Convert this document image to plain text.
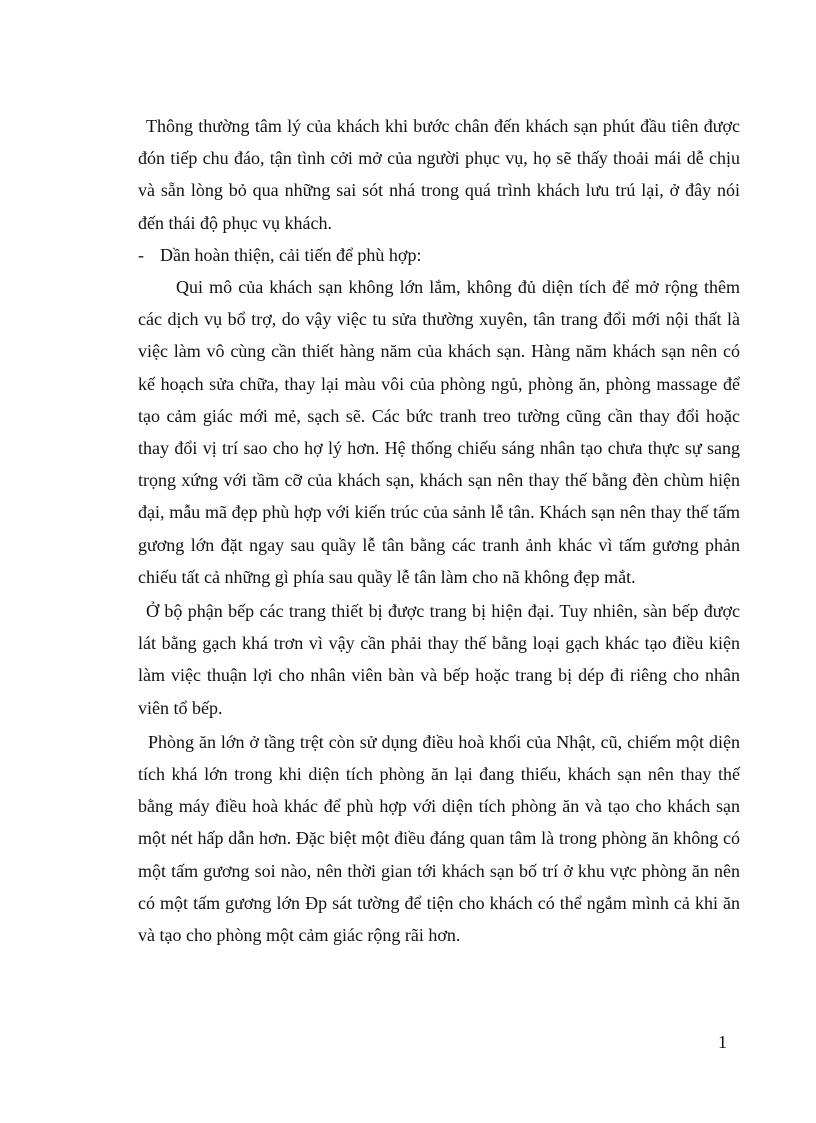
Thông thường tâm lý của khách khi bước chân đến khách sạn phút đầu tiên được đón tiếp chu đáo, tận tình cởi mở của người phục vụ, họ sẽ thấy thoải mái dễ chịu và sẵn lòng bỏ qua những sai sót nhá trong quá trình khách lưu trú lại, ở đây nói đến thái độ phục vụ khách.

- Dần hoàn thiện, cải tiến để phù hợp:

Qui mô của khách sạn không lớn lắm, không đủ diện tích để mở rộng thêm các dịch vụ bổ trợ, do vậy việc tu sửa thường xuyên, tân trang đổi mới nội thất là việc làm vô cùng cần thiết hàng năm của khách sạn. Hàng năm khách sạn nên có kế hoạch sửa chữa, thay lại màu vôi của phòng ngủ, phòng ăn, phòng massage để tạo cảm giác mới mẻ, sạch sẽ. Các bức tranh treo tường cũng cần thay đổi hoặc thay đổi vị trí sao cho hợ lý hơn. Hệ thống chiếu sáng nhân tạo chưa thực sự sang trọng xứng với tầm cỡ của khách sạn, khách sạn nên thay thế bằng đèn chùm hiện đại, mẫu mã đẹp phù hợp với kiến trúc của sảnh lễ tân. Khách sạn nên thay thế tấm gương lớn đặt ngay sau quầy lễ tân bằng các tranh ảnh khác vì tấm gương phản chiếu tất cả những gì phía sau quầy lễ tân làm cho nã không đẹp mắt.

Ở bộ phận bếp các trang thiết bị được trang bị hiện đại. Tuy nhiên, sàn bếp được lát bằng gạch khá trơn vì vậy cần phải thay thế bằng loại gạch khác tạo điều kiện làm việc thuận lợi cho nhân viên bàn và bếp hoặc trang bị dép đi riêng cho nhân viên tổ bếp.

Phòng ăn lớn ở tầng trệt còn sử dụng điều hoà khối của Nhật, cũ, chiếm một diện tích khá lớn trong khi diện tích phòng ăn lại đang thiếu, khách sạn nên thay thế bằng máy điều hoà khác để phù hợp với diện tích phòng ăn và tạo cho khách sạn một nét hấp dẫn hơn. Đặc biệt một điều đáng quan tâm là trong phòng ăn không có một tấm gương soi nào, nên thời gian tới khách sạn bố trí ở khu vực phòng ăn nên có một tấm gương lớn Đp sát tường để tiện cho khách có thể ngắm mình cả khi ăn và tạo cho phòng một cảm giác rộng rãi hơn.

1
